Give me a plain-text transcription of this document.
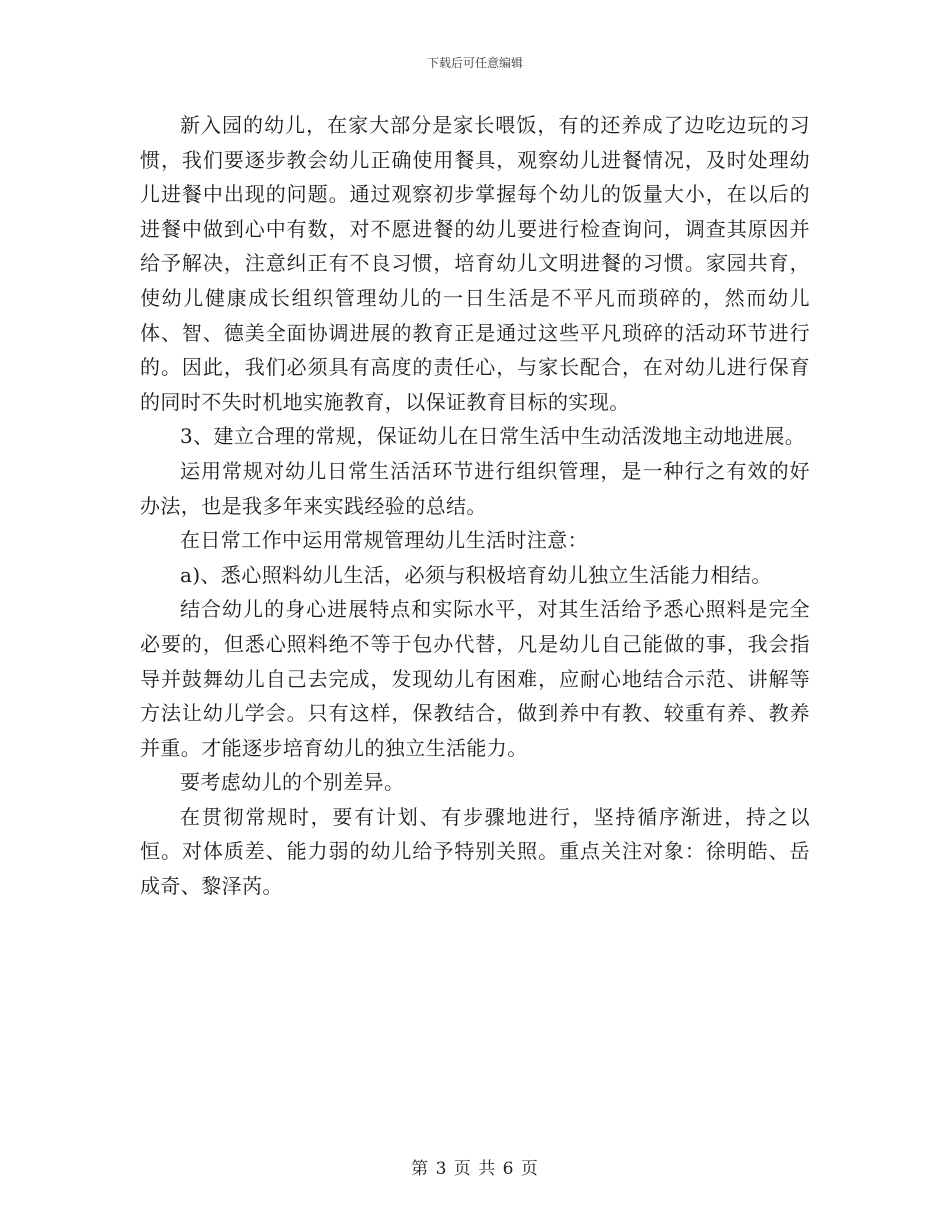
下载后可任意编辑

新入园的幼儿，在家大部分是家长喂饭，有的还养成了边吃边玩的习惯，我们要逐步教会幼儿正确使用餐具，观察幼儿进餐情况，及时处理幼儿进餐中出现的问题。通过观察初步掌握每个幼儿的饭量大小，在以后的进餐中做到心中有数，对不愿进餐的幼儿要进行检查询问，调查其原因并给予解决，注意纠正有不良习惯，培育幼儿文明进餐的习惯。家园共育，使幼儿健康成长组织管理幼儿的一日生活是不平凡而琐碎的，然而幼儿体、智、德美全面协调进展的教育正是通过这些平凡琐碎的活动环节进行的。因此，我们必须具有高度的责任心，与家长配合，在对幼儿进行保育的同时不失时机地实施教育，以保证教育目标的实现。

3、建立合理的常规，保证幼儿在日常生活中生动活泼地主动地进展。

运用常规对幼儿日常生活活环节进行组织管理，是一种行之有效的好办法，也是我多年来实践经验的总结。

在日常工作中运用常规管理幼儿生活时注意：

a)、悉心照料幼儿生活，必须与积极培育幼儿独立生活能力相结。

结合幼儿的身心进展特点和实际水平，对其生活给予悉心照料是完全必要的，但悉心照料绝不等于包办代替，凡是幼儿自己能做的事，我会指导并鼓舞幼儿自己去完成，发现幼儿有困难，应耐心地结合示范、讲解等方法让幼儿学会。只有这样，保教结合，做到养中有教、较重有养、教养并重。才能逐步培育幼儿的独立生活能力。

要考虑幼儿的个别差异。

在贯彻常规时，要有计划、有步骤地进行，坚持循序渐进，持之以恒。对体质差、能力弱的幼儿给予特别关照。重点关注对象：徐明皓、岳成奇、黎泽芮。

第 3 页 共 6 页
